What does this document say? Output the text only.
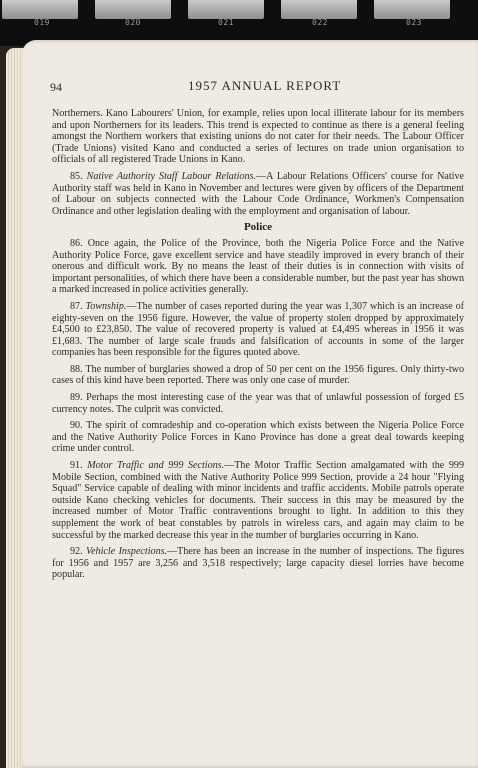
019	020	021	022	023
94	1957 ANNUAL REPORT

Northerners. Kano Labourers' Union, for example, relies upon local illiterate labour for its members and upon Northerners for its leaders. This trend is expected to continue as there is a general feeling amongst the Northern workers that existing unions do not cater for their needs. The Labour Officer (Trade Unions) visited Kano and conducted a series of lectures on trade union organisation to officials of all registered Trade Unions in Kano.

85. Native Authority Staff Labour Relations.—A Labour Relations Officers' course for Native Authority staff was held in Kano in November and lectures were given by officers of the Department of Labour on subjects connected with the Labour Code Ordinance, Workmen's Compensation Ordinance and other legislation dealing with the employment and organisation of labour.

Police

86. Once again, the Police of the Province, both the Nigeria Police Force and the Native Authority Police Force, gave excellent service and have steadily improved in every branch of their onerous and difficult work. By no means the least of their duties is in connection with visits of important personalities, of which there have been a considerable number, but the past year has shown a marked increased in police activities generally.

87. Township.—The number of cases reported during the year was 1,307 which is an increase of eighty-seven on the 1956 figure. However, the value of property stolen dropped by approximately £4,500 to £23,850. The value of recovered property is valued at £4,495 whereas in 1956 it was £1,683. The number of large scale frauds and falsification of accounts in some of the larger companies has been responsible for the figures quoted above.

88. The number of burglaries showed a drop of 50 per cent on the 1956 figures. Only thirty-two cases of this kind have been reported. There was only one case of murder.

89. Perhaps the most interesting case of the year was that of unlawful possession of forged £5 currency notes. The culprit was convicted.

90. The spirit of comradeship and co-operation which exists between the Nigeria Police Force and the Native Authority Police Forces in Kano Province has done a great deal towards keeping crime under control.

91. Motor Traffic and 999 Sections.—The Motor Traffic Section amalgamated with the 999 Mobile Section, combined with the Native Authority Police 999 Section, provide a 24 hour "Flying Squad" Service capable of dealing with minor incidents and traffic accidents. Mobile patrols operate outside Kano checking vehicles for documents. Their success in this may be measured by the increased number of Motor Traffic contraventions brought to light. In addition to this they supplement the work of beat constables by patrols in wireless cars, and again may claim to be successful by the marked decrease this year in the number of burglaries occurring in Kano.

92. Vehicle Inspections.—There has been an increase in the number of inspections. The figures for 1956 and 1957 are 3,256 and 3,518 respectively; large capacity diesel lorries have become popular.
